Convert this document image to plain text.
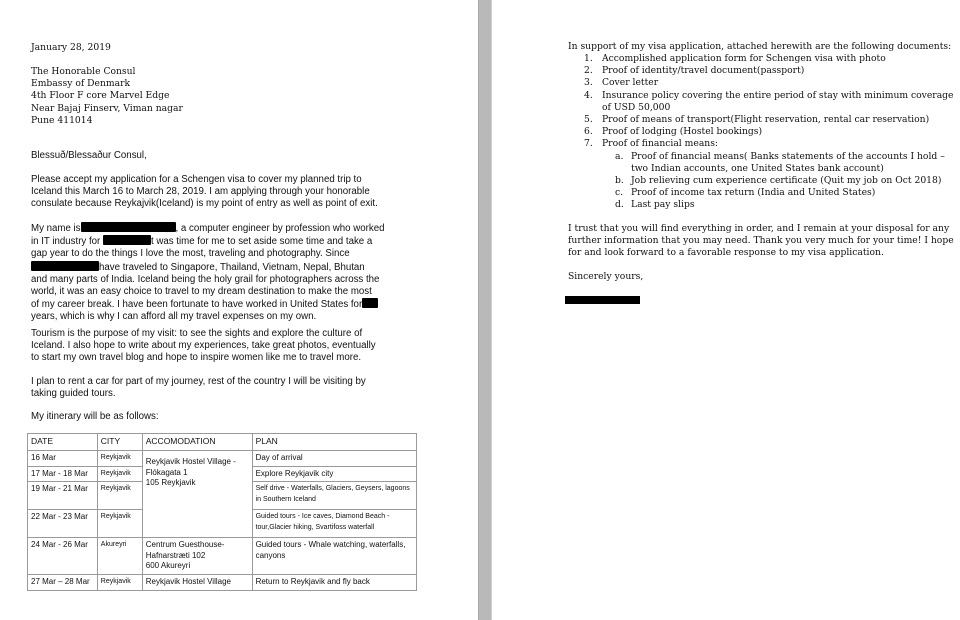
January 28, 2019

The Honorable Consul
Embassy of Denmark
4th Floor F core Marvel Edge
Near Bajaj Finserv, Viman nagar
Pune 411014

Blessuð/Blessaður Consul,

Please accept my application for a Schengen visa to cover my planned trip to
Iceland this March 16 to March 28, 2019. I am applying through your honorable
consulate because Reykajvik(Iceland) is my point of entry as well as point of exit.
My name is	, a computer engineer by profession who worked
in IT industry for	t was time for me to set aside some time and take a
gap year to do the things I love the most, traveling and photography. Since
have traveled to Singapore, Thailand, Vietnam, Nepal, Bhutan
and many parts of India. Iceland being the holy grail for photographers across the
world, it was an easy choice to travel to my dream destination to make the most
of my career break. I have been fortunate to have worked in United States for
years, which is why I can afford all my travel expenses on my own.
Tourism is the purpose of my visit: to see the sights and explore the culture of
Iceland. I also hope to write about my experiences, take great photos, eventually
to start my own travel blog and hope to inspire women like me to travel more.
I plan to rent a car for part of my journey, rest of the country I will be visiting by
taking guided tours.

My itinerary will be as follows:

DATE	CITY	ACCOMODATION	PLAN
16 Mar	Reykjavik	Reykjavik Hostel Village -
Flókagata 1
105 Reykjavik	Day of arrival
17 Mar - 18 Mar	Reykjavik		Explore Reykjavik city
19 Mar - 21 Mar	Reykjavik		Self drive - Waterfalls, Glaciers, Geysers, lagoons in Southern Iceland
22 Mar - 23 Mar	Reykjavik		Guided tours - Ice caves, Diamond Beach - tour,Glacier hiking, Svartifoss waterfall
24 Mar - 26 Mar	Akureyri	Centrum Guesthouse-
Hafnarstræti 102
600 Akureyri	Guided tours - Whale watching, waterfalls, canyons
27 Mar – 28 Mar	Reykjavik	Reykjavik Hostel Village	Return to Reykjavik and fly back

In support of my visa application, attached herewith are the following documents:

1. Accomplished application form for Schengen visa with photo
2. Proof of identity/travel document(passport)
3. Cover letter
4. Insurance policy covering the entire period of stay with minimum coverage
of USD 50,000
5. Proof of means of transport(Flight reservation, rental car reservation)
6. Proof of lodging (Hostel bookings)
7. Proof of financial means:
a. Proof of financial means( Banks statements of the accounts I hold –
two Indian accounts, one United States bank account)
b. Job relieving cum experience certificate (Quit my job on Oct 2018)
c. Proof of income tax return (India and United States)
d. Last pay slips
I trust that you will find everything in order, and I remain at your disposal for any
further information that you may need. Thank you very much for your time! I hope
for and look forward to a favorable response to my visa application.

Sincerely yours,
